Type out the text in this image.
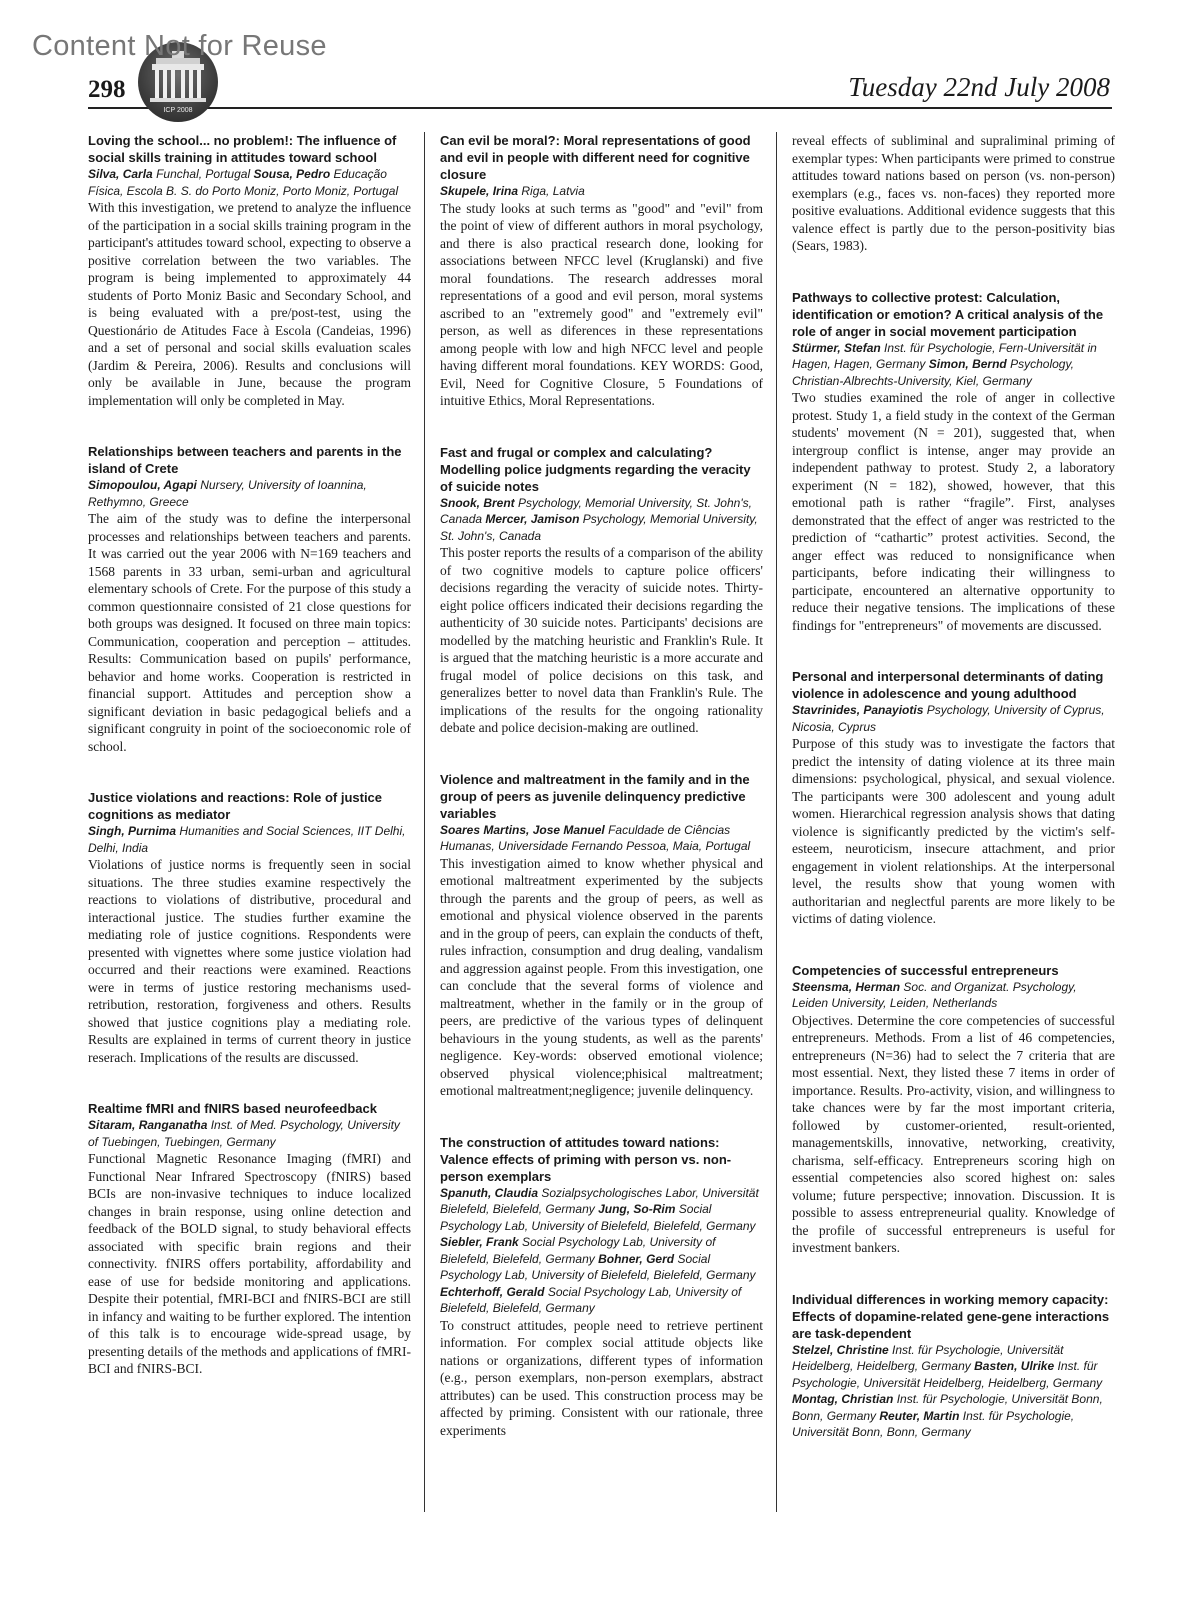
Content Not for Reuse
ICP 2008
298	Tuesday 22nd July 2008
Loving the school... no problem!: The influence of social skills training in attitudes toward school

Silva, Carla Funchal, Portugal Sousa, Pedro Educação Física, Escola B. S. do Porto Moniz, Porto Moniz, Portugal

With this investigation, we pretend to analyze the influence of the participation in a social skills training program in the participant's attitudes toward school, expecting to observe a positive correlation between the two variables. The program is being implemented to approximately 44 students of Porto Moniz Basic and Secondary School, and is being evaluated with a pre/post-test, using the Questionário de Atitudes Face à Escola (Candeias, 1996) and a set of personal and social skills evaluation scales (Jardim & Pereira, 2006). Results and conclusions will only be available in June, because the program implementation will only be completed in May.

Relationships between teachers and parents in the island of Crete

Simopoulou, Agapi Nursery, University of Ioannina, Rethymno, Greece

The aim of the study was to define the interpersonal processes and relationships between teachers and parents. It was carried out the year 2006 with N=169 teachers and 1568 parents in 33 urban, semi-urban and agricultural elementary schools of Crete. For the purpose of this study a common questionnaire consisted of 21 close questions for both groups was designed. It focused on three main topics: Communication, cooperation and perception – attitudes. Results: Communication based on pupils' performance, behavior and home works. Cooperation is restricted in financial support. Attitudes and perception show a significant deviation in basic pedagogical beliefs and a significant congruity in point of the socioeconomic role of school.

Justice violations and reactions: Role of justice cognitions as mediator

Singh, Purnima Humanities and Social Sciences, IIT Delhi, Delhi, India

Violations of justice norms is frequently seen in social situations. The three studies examine respectively the reactions to violations of distributive, procedural and interactional justice. The studies further examine the mediating role of justice cognitions. Respondents were presented with vignettes where some justice violation had occurred and their reactions were examined. Reactions were in terms of justice restoring mechanisms used- retribution, restoration, forgiveness and others. Results showed that justice cognitions play a mediating role. Results are explained in terms of current theory in justice reserach. Implications of the results are discussed.

Realtime fMRI and fNIRS based neurofeedback

Sitaram, Ranganatha Inst. of Med. Psychology, University of Tuebingen, Tuebingen, Germany

Functional Magnetic Resonance Imaging (fMRI) and Functional Near Infrared Spectroscopy (fNIRS) based BCIs are non-invasive techniques to induce localized changes in brain response, using online detection and feedback of the BOLD signal, to study behavioral effects associated with specific brain regions and their connectivity. fNIRS offers portability, affordability and ease of use for bedside monitoring and applications. Despite their potential, fMRI-BCI and fNIRS-BCI are still in infancy and waiting to be further explored. The intention of this talk is to encourage wide-spread usage, by presenting details of the methods and applications of fMRI-BCI and fNIRS-BCI.

Can evil be moral?: Moral representations of good and evil in people with different need for cognitive closure

Skupele, Irina Riga, Latvia

The study looks at such terms as "good" and "evil" from the point of view of different authors in moral psychology, and there is also practical research done, looking for associations between NFCC level (Kruglanski) and five moral foundations. The research addresses moral representations of a good and evil person, moral systems ascribed to an "extremely good" and "extremely evil" person, as well as diferences in these representations among people with low and high NFCC level and people having different moral foundations. KEY WORDS: Good, Evil, Need for Cognitive Closure, 5 Foundations of intuitive Ethics, Moral Representations.

Fast and frugal or complex and calculating? Modelling police judgments regarding the veracity of suicide notes

Snook, Brent Psychology, Memorial University, St. John's, Canada Mercer, Jamison Psychology, Memorial University, St. John's, Canada

This poster reports the results of a comparison of the ability of two cognitive models to capture police officers' decisions regarding the veracity of suicide notes. Thirty-eight police officers indicated their decisions regarding the authenticity of 30 suicide notes. Participants' decisions are modelled by the matching heuristic and Franklin's Rule. It is argued that the matching heuristic is a more accurate and frugal model of police decisions on this task, and generalizes better to novel data than Franklin's Rule. The implications of the results for the ongoing rationality debate and police decision-making are outlined.

Violence and maltreatment in the family and in the group of peers as juvenile delinquency predictive variables

Soares Martins, Jose Manuel Faculdade de Ciências Humanas, Universidade Fernando Pessoa, Maia, Portugal

This investigation aimed to know whether physical and emotional maltreatment experimented by the subjects through the parents and the group of peers, as well as emotional and physical violence observed in the parents and in the group of peers, can explain the conducts of theft, rules infraction, consumption and drug dealing, vandalism and aggression against people. From this investigation, one can conclude that the several forms of violence and maltreatment, whether in the family or in the group of peers, are predictive of the various types of delinquent behaviours in the young students, as well as the parents' negligence. Key-words: observed emotional violence; observed physical violence;phisical maltreatment; emotional maltreatment;negligence; juvenile delinquency.

The construction of attitudes toward nations: Valence effects of priming with person vs. non-person exemplars

Spanuth, Claudia Sozialpsychologisches Labor, Universität Bielefeld, Bielefeld, Germany Jung, So-Rim Social Psychology Lab, University of Bielefeld, Bielefeld, Germany Siebler, Frank Social Psychology Lab, University of Bielefeld, Bielefeld, Germany Bohner, Gerd Social Psychology Lab, University of Bielefeld, Bielefeld, Germany Echterhoff, Gerald Social Psychology Lab, University of Bielefeld, Bielefeld, Germany

To construct attitudes, people need to retrieve pertinent information. For complex social attitude objects like nations or organizations, different types of information (e.g., person exemplars, non-person exemplars, abstract attributes) can be used. This construction process may be affected by priming. Consistent with our rationale, three experiments

reveal effects of subliminal and supraliminal priming of exemplar types: When participants were primed to construe attitudes toward nations based on person (vs. non-person) exemplars (e.g., faces vs. non-faces) they reported more positive evaluations. Additional evidence suggests that this valence effect is partly due to the person-positivity bias (Sears, 1983).

Pathways to collective protest: Calculation, identification or emotion? A critical analysis of the role of anger in social movement participation

Stürmer, Stefan Inst. für Psychologie, Fern-Universität in Hagen, Hagen, Germany Simon, Bernd Psychology, Christian-Albrechts-University, Kiel, Germany

Two studies examined the role of anger in collective protest. Study 1, a field study in the context of the German students' movement (N = 201), suggested that, when intergroup conflict is intense, anger may provide an independent pathway to protest. Study 2, a laboratory experiment (N = 182), showed, however, that this emotional path is rather “fragile”. First, analyses demonstrated that the effect of anger was restricted to the prediction of “cathartic” protest activities. Second, the anger effect was reduced to nonsignificance when participants, before indicating their willingness to participate, encountered an alternative opportunity to reduce their negative tensions. The implications of these findings for "entrepreneurs" of movements are discussed.

Personal and interpersonal determinants of dating violence in adolescence and young adulthood

Stavrinides, Panayiotis Psychology, University of Cyprus, Nicosia, Cyprus

Purpose of this study was to investigate the factors that predict the intensity of dating violence at its three main dimensions: psychological, physical, and sexual violence. The participants were 300 adolescent and young adult women. Hierarchical regression analysis shows that dating violence is significantly predicted by the victim's self-esteem, neuroticism, insecure attachment, and prior engagement in violent relationships. At the interpersonal level, the results show that young women with authoritarian and neglectful parents are more likely to be victims of dating violence.

Competencies of successful entrepreneurs

Steensma, Herman Soc. and Organizat. Psychology, Leiden University, Leiden, Netherlands

Objectives. Determine the core competencies of successful entrepreneurs. Methods. From a list of 46 competencies, entrepreneurs (N=36) had to select the 7 criteria that are most essential. Next, they listed these 7 items in order of importance. Results. Pro-activity, vision, and willingness to take chances were by far the most important criteria, followed by customer-oriented, result-oriented, managementskills, innovative, networking, creativity, charisma, self-efficacy. Entrepreneurs scoring high on essential competencies also scored highest on: sales volume; future perspective; innovation. Discussion. It is possible to assess entrepreneurial quality. Knowledge of the profile of successful entrepreneurs is useful for investment bankers.

Individual differences in working memory capacity: Effects of dopamine-related gene-gene interactions are task-dependent

Stelzel, Christine Inst. für Psychologie, Universität Heidelberg, Heidelberg, Germany Basten, Ulrike Inst. für Psychologie, Universität Heidelberg, Heidelberg, Germany Montag, Christian Inst. für Psychologie, Universität Bonn, Bonn, Germany Reuter, Martin Inst. für Psychologie, Universität Bonn, Bonn, Germany
